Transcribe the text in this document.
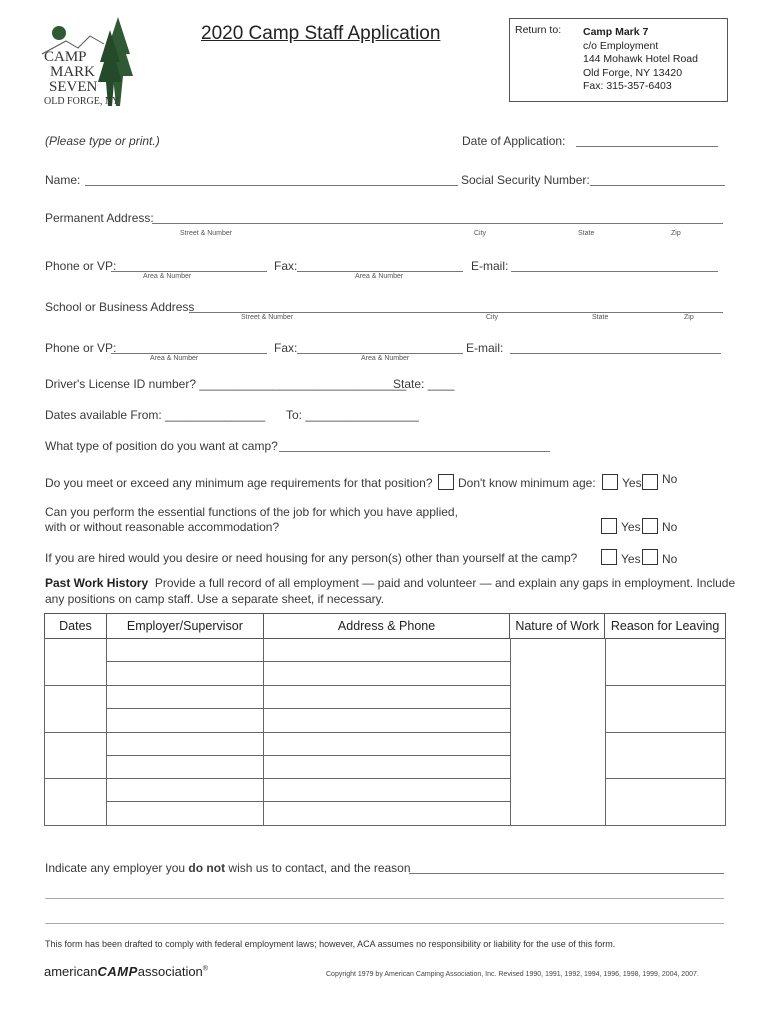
CAMP
MARK
SEVEN
OLD FORGE, NY
2020 Camp Staff Application	Return to: Camp Mark 7
c/o Employment
144 Mohawk Hotel Road
Old Forge, NY 13420
Fax: 315-357-6403
(Please type or print.)	Date of Application:
Name:	Social Security Number:
Permanent Address:
Street & Number	City	State	Zip
Phone or VP:
Area & Number
Fax:
Area & Number
E-mail:
School or Business Address
Street & Number	City	State	Zip
Phone or VP:
Area & Number
Fax:
Area & Number
E-mail:
Driver's License ID number? _______________________________
State: ____
Dates available From: _______________ To: _________________
What type of position do you want at camp?
Do you meet or exceed any minimum age requirements for that position? Don't know minimum age: Yes No
Can you perform the essential functions of the job for which you have applied,
with or without reasonable accommodation?	Yes No
If you are hired would you desire or need housing for any person(s) other than yourself at the camp?	Yes No
Past Work History Provide a full record of all employment — paid and volunteer — and explain any gaps in employment. Include
any positions on camp staff. Use a separate sheet, if necessary.
Dates	Employer/Supervisor	Address & Phone	Nature of Work	Reason for Leaving
Indicate any employer you do not wish us to contact, and the reason
This form has been drafted to comply with federal employment laws; however, ACA assumes no responsibility or liability for the use of this form.
americanCAMPassociation®
Copyright 1979 by American Camping Association, Inc. Revised 1990, 1991, 1992, 1994, 1996, 1998, 1999, 2004, 2007.
